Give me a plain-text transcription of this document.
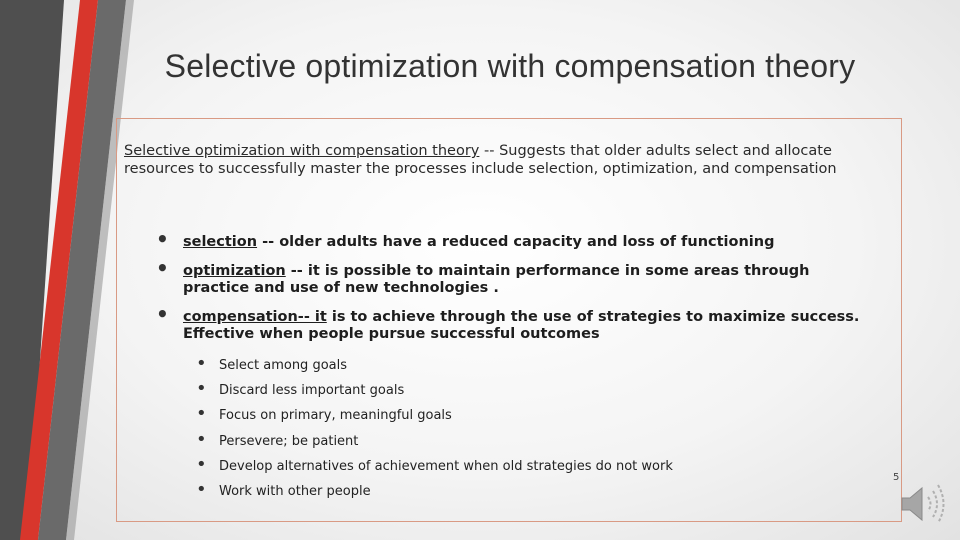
Selective optimization with compensation theory
Selective optimization with compensation theory -- Suggests that older adults select and allocate resources to successfully master the processes include selection, optimization, and compensation
• selection -- older adults have a reduced capacity and loss of functioning
• optimization -- it is possible to maintain performance in some areas through practice and use of new technologies .
• compensation-- it is to achieve through the use of strategies to maximize success. Effective when people pursue successful outcomes
• Select among goals
• Discard less important goals
• Focus on primary, meaningful goals
• Persevere; be patient
• Develop alternatives of achievement when old strategies do not work
• Work with other people
5
